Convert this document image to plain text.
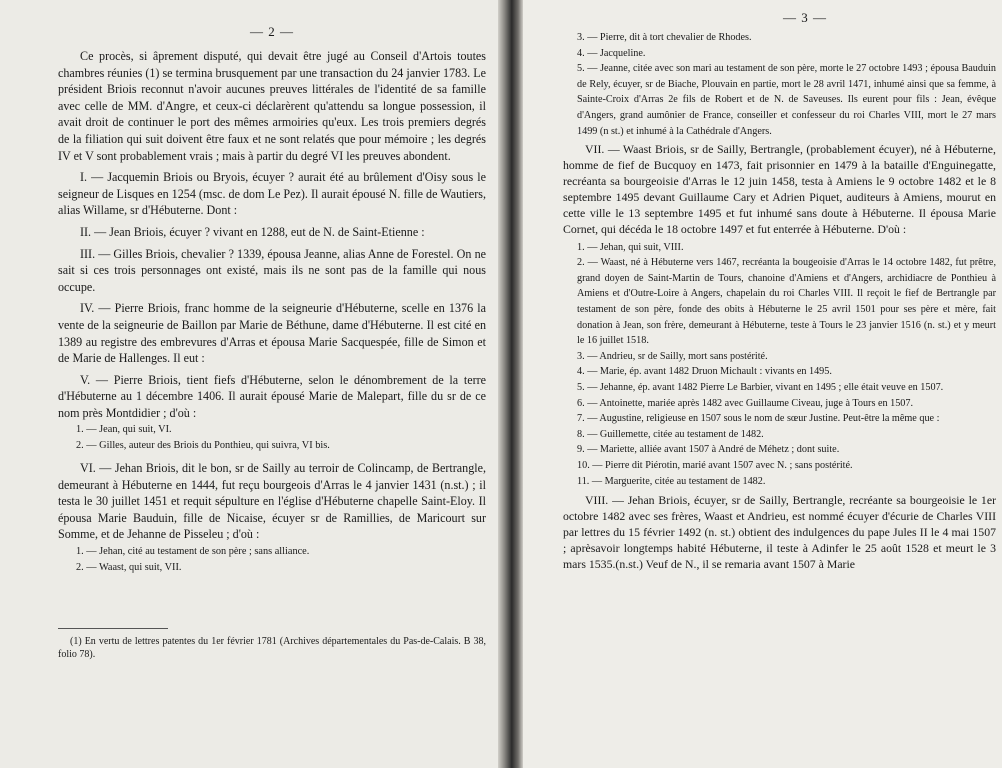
— 2 —

Ce procès, si âprement disputé, qui devait être jugé au Conseil d'Artois toutes chambres réunies (1) se termina brusquement par une transaction du 24 janvier 1783. Le président Briois reconnut n'avoir aucunes preuves littérales de l'identité de sa famille avec celle de MM. d'Angre, et ceux-ci déclarèrent qu'attendu sa longue possession, il avait droit de continuer le port des mêmes armoiries qu'eux. Les trois premiers degrés de la filiation qui suit doivent être faux et ne sont relatés que pour mémoire ; les degrés IV et V sont probablement vrais ; mais à partir du degré VI les preuves abondent.

I. — Jacquemin Briois ou Bryois, écuyer ? aurait été au brûlement d'Oisy sous le seigneur de Lisques en 1254 (msc. de dom Le Pez). Il aurait épousé N. fille de Wautiers, alias Willame, sr d'Hébuterne. Dont :

II. — Jean Briois, écuyer ? vivant en 1288, eut de N. de Saint-Etienne :

III. — Gilles Briois, chevalier ? 1339, épousa Jeanne, alias Anne de Forestel. On ne sait si ces trois personnages ont existé, mais ils ne sont pas de la famille qui nous occupe.

IV. — Pierre Briois, franc homme de la seigneurie d'Hébuterne, scelle en 1376 la vente de la seigneurie de Baillon par Marie de Béthune, dame d'Hébuterne. Il est cité en 1389 au registre des embrevures d'Arras et épousa Marie Sacquespée, fille de Simon et de Marie de Hallenges. Il eut :

V. — Pierre Briois, tient fiefs d'Hébuterne, selon le dénombrement de la terre d'Hébuterne au 1 décembre 1406. Il aurait épousé Marie de Malepart, fille du sr de ce nom près Montdidier ; d'où :

1. — Jean, qui suit, VI.

2. — Gilles, auteur des Briois du Ponthieu, qui suivra, VI bis.

VI. — Jehan Briois, dit le bon, sr de Sailly au terroir de Colincamp, de Bertrangle, demeurant à Hébuterne en 1444, fut reçu bourgeois d'Arras le 4 janvier 1431 (n.st.) ; il testa le 30 juillet 1451 et requit sépulture en l'église d'Hébuterne chapelle Saint-Eloy. Il épousa Marie Bauduin, fille de Nicaise, écuyer sr de Ramillies, de Maricourt sur Somme, et de Jehanne de Pisseleu ; d'où :

1. — Jehan, cité au testament de son père ; sans alliance.

2. — Waast, qui suit, VII.

(1) En vertu de lettres patentes du 1er février 1781 (Archives départementales du Pas-de-Calais. B 38, folio 78).

— 3 —

3. — Pierre, dit à tort chevalier de Rhodes.

4. — Jacqueline.

5. — Jeanne, citée avec son mari au testament de son père, morte le 27 octobre 1493 ; épousa Bauduin de Rely, écuyer, sr de Biache, Plouvain en partie, mort le 28 avril 1471, inhumé ainsi que sa femme, à Sainte-Croix d'Arras 2e fils de Robert et de N. de Saveuses. Ils eurent pour fils : Jean, évêque d'Angers, grand aumônier de France, conseiller et confesseur du roi Charles VIII, mort le 27 mars 1499 (n st.) et inhumé à la Cathédrale d'Angers.

VII. — Waast Briois, sr de Sailly, Bertrangle, (probablement écuyer), né à Hébuterne, homme de fief de Bucquoy en 1473, fait prisonnier en 1479 à la bataille d'Enguinegatte, recréanta sa bourgeoisie d'Arras le 12 juin 1458, testa à Amiens le 9 octobre 1482 et le 8 septembre 1495 devant Guillaume Cary et Adrien Piquet, auditeurs à Amiens, mourut en cette ville le 13 septembre 1495 et fut inhumé sans doute à Hébuterne. Il épousa Marie Cornet, qui décéda le 18 octobre 1497 et fut enterrée à Hébuterne. D'où :

1. — Jehan, qui suit, VIII.

2. — Waast, né à Hébuterne vers 1467, recréanta la bougeoisie d'Arras le 14 octobre 1482, fut prêtre, grand doyen de Saint-Martin de Tours, chanoine d'Amiens et d'Angers, archidiacre de Ponthieu à Amiens et d'Outre-Loire à Angers, chapelain du roi Charles VIII. Il reçoit le fief de Bertrangle par testament de son père, fonde des obits à Hébuterne le 25 avril 1501 pour ses père et mère, fait donation à Jean, son frère, demeurant à Hébuterne, teste à Tours le 23 janvier 1516 (n. st.) et y meurt le 16 juillet 1518.

3. — Andrieu, sr de Sailly, mort sans postérité.

4. — Marie, ép. avant 1482 Druon Michault : vivants en 1495.

5. — Jehanne, ép. avant 1482 Pierre Le Barbier, vivant en 1495 ; elle était veuve en 1507.

6. — Antoinette, mariée après 1482 avec Guillaume Civeau, juge à Tours en 1507.

7. — Augustine, religieuse en 1507 sous le nom de sœur Justine. Peut-être la même que :

8. — Guillemette, citée au testament de 1482.

9. — Mariette, alliée avant 1507 à André de Méhetz ; dont suite.

10. — Pierre dit Piérotin, marié avant 1507 avec N. ; sans postérité.

11. — Marguerite, citée au testament de 1482.

VIII. — Jehan Briois, écuyer, sr de Sailly, Bertrangle, recréante sa bourgeoisie le 1er octobre 1482 avec ses frères, Waast et Andrieu, est nommé écuyer d'écurie de Charles VIII par lettres du 15 février 1492 (n. st.) obtient des indulgences du pape Jules II le 4 mai 1507 ; aprèsavoir longtemps habité Hébuterne, il teste à Adinfer le 25 août 1528 et meurt le 3 mars 1535.(n.st.) Veuf de N., il se remaria avant 1507 à Marie
